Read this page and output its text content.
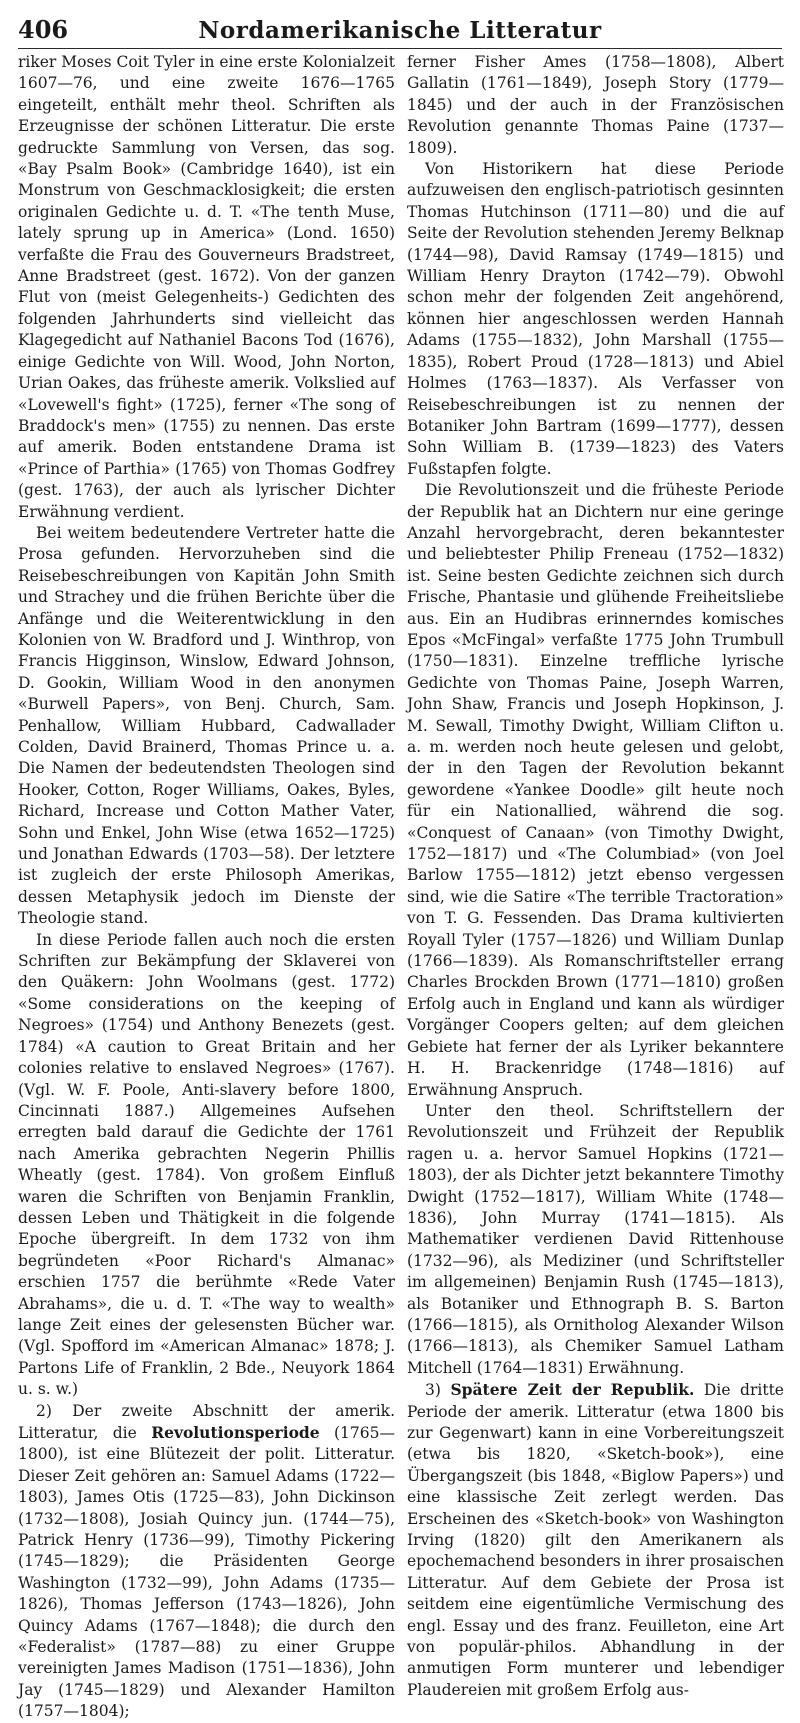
406	Nordamerikanische Litteratur

riker Moses Coit Tyler in eine erste Kolonialzeit 1607—76, und eine zweite 1676—1765 eingeteilt, enthält mehr theol. Schriften als Erzeugnisse der schönen Litteratur. Die erste gedruckte Sammlung von Versen, das sog. «Bay Psalm Book» (Cambridge 1640), ist ein Monstrum von Geschmacklosigkeit; die ersten originalen Gedichte u. d. T. «The tenth Muse, lately sprung up in America» (Lond. 1650) verfaßte die Frau des Gouverneurs Bradstreet, Anne Bradstreet (gest. 1672). Von der ganzen Flut von (meist Gelegenheits-) Gedichten des folgenden Jahrhunderts sind vielleicht das Klagegedicht auf Nathaniel Bacons Tod (1676), einige Gedichte von Will. Wood, John Norton, Urian Oakes, das früheste amerik. Volkslied auf «Lovewell's fight» (1725), ferner «The song of Braddock's men» (1755) zu nennen. Das erste auf amerik. Boden entstandene Drama ist «Prince of Parthia» (1765) von Thomas Godfrey (gest. 1763), der auch als lyrischer Dichter Erwähnung verdient.

Bei weitem bedeutendere Vertreter hatte die Prosa gefunden. Hervorzuheben sind die Reisebeschreibungen von Kapitän John Smith und Strachey und die frühen Berichte über die Anfänge und die Weiterentwicklung in den Kolonien von W. Bradford und J. Winthrop, von Francis Higginson, Winslow, Edward Johnson, D. Gookin, William Wood in den anonymen «Burwell Papers», von Benj. Church, Sam. Penhallow, William Hubbard, Cadwallader Colden, David Brainerd, Thomas Prince u. a. Die Namen der bedeutendsten Theologen sind Hooker, Cotton, Roger Williams, Oakes, Byles, Richard, Increase und Cotton Mather Vater, Sohn und Enkel, John Wise (etwa 1652—1725) und Jonathan Edwards (1703—58). Der letztere ist zugleich der erste Philosoph Amerikas, dessen Metaphysik jedoch im Dienste der Theologie stand.

In diese Periode fallen auch noch die ersten Schriften zur Bekämpfung der Sklaverei von den Quäkern: John Woolmans (gest. 1772) «Some considerations on the keeping of Negroes» (1754) und Anthony Benezets (gest. 1784) «A caution to Great Britain and her colonies relative to enslaved Negroes» (1767). (Vgl. W. F. Poole, Anti-slavery before 1800, Cincinnati 1887.) Allgemeines Aufsehen erregten bald darauf die Gedichte der 1761 nach Amerika gebrachten Negerin Phillis Wheatly (gest. 1784). Von großem Einfluß waren die Schriften von Benjamin Franklin, dessen Leben und Thätigkeit in die folgende Epoche übergreift. In dem 1732 von ihm begründeten «Poor Richard's Almanac» erschien 1757 die berühmte «Rede Vater Abrahams», die u. d. T. «The way to wealth» lange Zeit eines der gelesensten Bücher war. (Vgl. Spofford im «American Almanac» 1878; J. Partons Life of Franklin, 2 Bde., Neuyork 1864 u. s. w.)

2) Der zweite Abschnitt der amerik. Litteratur, die Revolutionsperiode (1765—1800), ist eine Blütezeit der polit. Litteratur. Dieser Zeit gehören an: Samuel Adams (1722—1803), James Otis (1725—83), John Dickinson (1732—1808), Josiah Quincy jun. (1744—75), Patrick Henry (1736—99), Timothy Pickering (1745—1829); die Präsidenten George Washington (1732—99), John Adams (1735—1826), Thomas Jefferson (1743—1826), John Quincy Adams (1767—1848); die durch den «Federalist» (1787—88) zu einer Gruppe vereinigten James Madison (1751—1836), John Jay (1745—1829) und Alexander Hamilton (1757—1804);

ferner Fisher Ames (1758—1808), Albert Gallatin (1761—1849), Joseph Story (1779—1845) und der auch in der Französischen Revolution genannte Thomas Paine (1737—1809).

Von Historikern hat diese Periode aufzuweisen den englisch-patriotisch gesinnten Thomas Hutchinson (1711—80) und die auf Seite der Revolution stehenden Jeremy Belknap (1744—98), David Ramsay (1749—1815) und William Henry Drayton (1742—79). Obwohl schon mehr der folgenden Zeit angehörend, können hier angeschlossen werden Hannah Adams (1755—1832), John Marshall (1755—1835), Robert Proud (1728—1813) und Abiel Holmes (1763—1837). Als Verfasser von Reisebeschreibungen ist zu nennen der Botaniker John Bartram (1699—1777), dessen Sohn William B. (1739—1823) des Vaters Fußstapfen folgte.

Die Revolutionszeit und die früheste Periode der Republik hat an Dichtern nur eine geringe Anzahl hervorgebracht, deren bekanntester und beliebtester Philip Freneau (1752—1832) ist. Seine besten Gedichte zeichnen sich durch Frische, Phantasie und glühende Freiheitsliebe aus. Ein an Hudibras erinnerndes komisches Epos «McFingal» verfaßte 1775 John Trumbull (1750—1831). Einzelne treffliche lyrische Gedichte von Thomas Paine, Joseph Warren, John Shaw, Francis und Joseph Hopkinson, J. M. Sewall, Timothy Dwight, William Clifton u. a. m. werden noch heute gelesen und gelobt, der in den Tagen der Revolution bekannt gewordene «Yankee Doodle» gilt heute noch für ein Nationallied, während die sog. «Conquest of Canaan» (von Timothy Dwight, 1752—1817) und «The Columbiad» (von Joel Barlow 1755—1812) jetzt ebenso vergessen sind, wie die Satire «The terrible Tractoration» von T. G. Fessenden. Das Drama kultivierten Royall Tyler (1757—1826) und William Dunlap (1766—1839). Als Romanschriftsteller errang Charles Brockden Brown (1771—1810) großen Erfolg auch in England und kann als würdiger Vorgänger Coopers gelten; auf dem gleichen Gebiete hat ferner der als Lyriker bekanntere H. H. Brackenridge (1748—1816) auf Erwähnung Anspruch.

Unter den theol. Schriftstellern der Revolutionszeit und Frühzeit der Republik ragen u. a. hervor Samuel Hopkins (1721—1803), der als Dichter jetzt bekanntere Timothy Dwight (1752—1817), William White (1748—1836), John Murray (1741—1815). Als Mathematiker verdienen David Rittenhouse (1732—96), als Mediziner (und Schriftsteller im allgemeinen) Benjamin Rush (1745—1813), als Botaniker und Ethnograph B. S. Barton (1766—1815), als Ornitholog Alexander Wilson (1766—1813), als Chemiker Samuel Latham Mitchell (1764—1831) Erwähnung.

3) Spätere Zeit der Republik. Die dritte Periode der amerik. Litteratur (etwa 1800 bis zur Gegenwart) kann in eine Vorbereitungszeit (etwa bis 1820, «Sketch-book»), eine Übergangszeit (bis 1848, «Biglow Papers») und eine klassische Zeit zerlegt werden. Das Erscheinen des «Sketch-book» von Washington Irving (1820) gilt den Amerikanern als epochemachend besonders in ihrer prosaischen Litteratur. Auf dem Gebiete der Prosa ist seitdem eine eigentümliche Vermischung des engl. Essay und des franz. Feuilleton, eine Art von populär-philos. Abhandlung in der anmutigen Form munterer und lebendiger Plaudereien mit großem Erfolg aus-
